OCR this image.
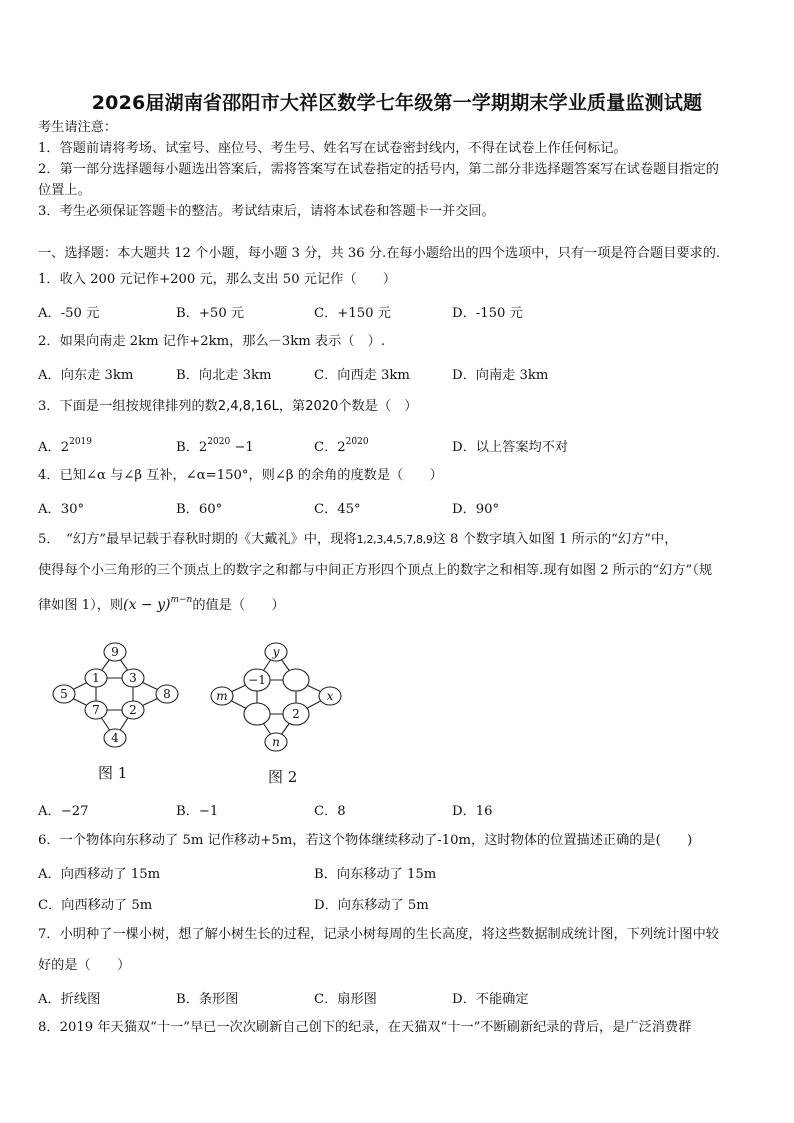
2026届湖南省邵阳市大祥区数学七年级第一学期期末学业质量监测试题
考生请注意：
1．答题前请将考场、试室号、座位号、考生号、姓名写在试卷密封线内，不得在试卷上作任何标记。
2．第一部分选择题每小题选出答案后，需将答案写在试卷指定的括号内，第二部分非选择题答案写在试卷题目指定的
位置上。
3．考生必须保证答题卡的整洁。考试结束后，请将本试卷和答题卡一并交回。
一、选择题：本大题共 12 个小题，每小题 3 分，共 36 分.在每小题给出的四个选项中，只有一项是符合题目要求的.
1．收入 200 元记作+200 元，那么支出 50 元记作（　　）
A．-50 元	B．+50 元	C．+150 元	D．-150 元
2．如果向南走 2km 记作+2km，那么－3km 表示（　）.
A．向东走 3km	B．向北走 3km	C．向西走 3km	D．向南走 3km
3．下面是一组按规律排列的数2,4,8,16L，第2020个数是（　）
A．$2^{2019}$	B．$2^{2020} -1$	C．$2^{2020}$	D．以上答案均不对
4．已知∠α 与∠β 互补，∠α=150°，则∠β 的余角的度数是（　　）
A．30°	B．60°	C．45°	D．90°
5．　“幻方”最早记载于春秋时期的《大戴礼》中，现将1,2,3,4,5,7,8,9这 8 个数字填入如图 1 所示的“幻方”中，
使得每个小三角形的三个顶点上的数字之和都与中间正方形四个顶点上的数字之和相等.现有如图 2 所示的“幻方”（规
律如图 1），则$(x - y)^{m-n}$的值是（　　）
9
1 3
7 2
5	8
4
图 1
y
−1
2
m	x
n
图 2
A．−27	B．−1	C．8	D．16
6．一个物体向东移动了 5m 记作移动+5m，若这个物体继续移动了-10m，这时物体的位置描述正确的是(　　)
A．向西移动了 15m	B．向东移动了 15m
C．向西移动了 5m	D．向东移动了 5m
7．小明种了一棵小树，想了解小树生长的过程，记录小树每周的生长高度，将这些数据制成统计图，下列统计图中较
好的是（　　）
A．折线图	B．条形图	C．扇形图	D．不能确定
8．2019 年天猫双“十一”早已一次次刷新自己创下的纪录，在天猫双“十一”不断刷新纪录的背后，是广泛消费群
